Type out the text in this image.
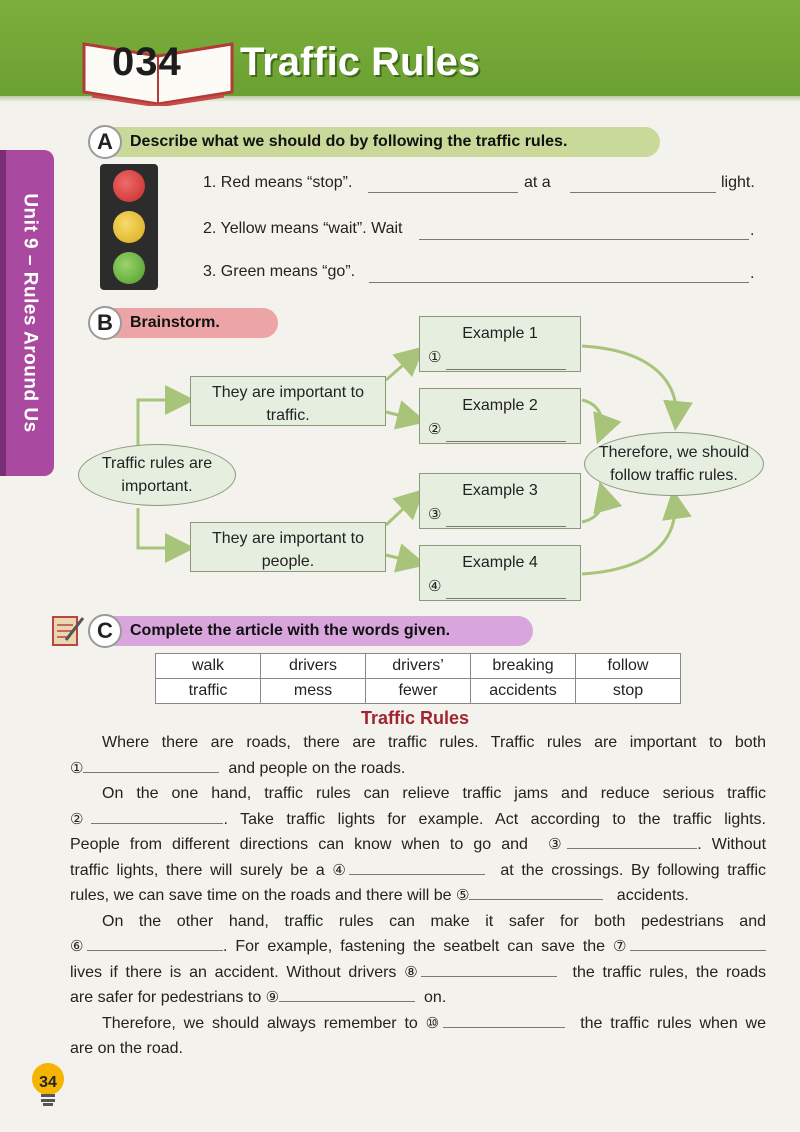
034 Traffic Rules
Unit 9 – Rules Around Us
A	Describe what we should do by following the traffic rules.
1. Red means “stop”.	at a	light.
2. Yellow means “wait”. Wait	.
3. Green means “go”.	.
B	Brainstorm.
Traffic rules are important.
They are important to traffic.
They are important to people.
Example 1
①
Example 2
②
Example 3
③
Example 4
④
Therefore, we should follow traffic rules.
C	Complete the article with the words given.
walk	drivers	drivers’	breaking	follow
traffic	mess	fewer	accidents	stop
Traffic Rules

Where there are roads, there are traffic rules. Traffic rules are important to both

①	and people on the roads.

On the one hand, traffic rules can relieve traffic jams and reduce serious traffic

②	. Take traffic lights for example. Act according to the traffic lights.

People from different directions can know when to go and ③	. Without

traffic lights, there will surely be a ④	at the crossings. By following traffic

rules, we can save time on the roads and there will be ⑤	accidents.

On the other hand, traffic rules can make it safer for both pedestrians and

⑥	. For example, fastening the seatbelt can save the ⑦

lives if there is an accident. Without drivers ⑧	the traffic rules, the roads

are safer for pedestrians to ⑨	on.

Therefore, we should always remember to ⑩	the traffic rules when we

are on the road.

34
